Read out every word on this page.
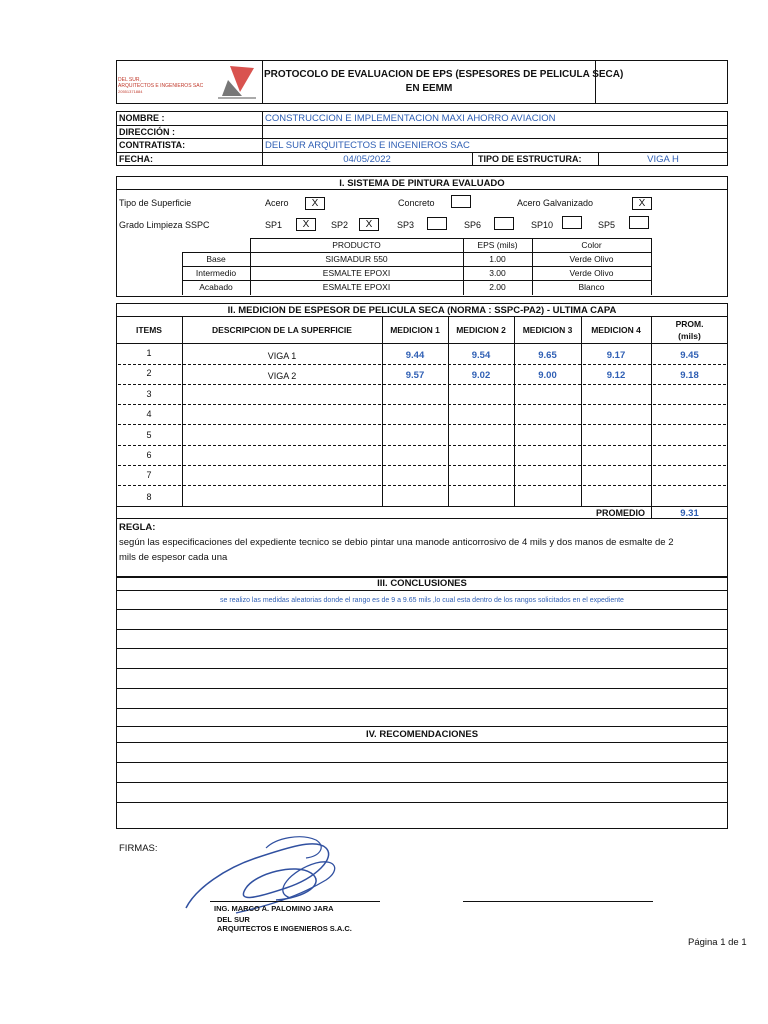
DEL SUR,
ARQUITECTOS E INGENIEROS SAC
20551371884
PROTOCOLO DE EVALUACION DE EPS (ESPESORES DE PELICULA SECA)
EN EEMM
NOMBRE :	CONSTRUCCION E IMPLEMENTACION MAXI AHORRO AVIACION
DIRECCIÓN :
CONTRATISTA:	DEL SUR ARQUITECTOS E INGENIEROS SAC
FECHA:	04/05/2022	TIPO DE ESTRUCTURA:	VIGA H
I. SISTEMA DE PINTURA EVALUADO
Tipo de Superficie	Acero	X	Concreto	Acero Galvanizado	X
Grado Limpieza SSPC	SP1	X	SP2	X	SP3	SP6	SP10	SP5
PRODUCTO	EPS (mils)	Color
Base	SIGMADUR 550	1.00	Verde Olivo
Intermedio	ESMALTE EPOXI	3.00	Verde Olivo
Acabado	ESMALTE EPOXI	2.00	Blanco
II. MEDICION DE ESPESOR DE PELICULA SECA (NORMA : SSPC-PA2) - ULTIMA CAPA
ITEMS	DESCRIPCION DE LA SUPERFICIE	MEDICION 1	MEDICION 2	MEDICION 3	MEDICION 4
PROM.
(mils)
1	VIGA 1	9.44	9.54	9.65	9.17	9.45
2	VIGA 2	9.57	9.02	9.00	9.12	9.18
3
4
5
6
7
8
PROMEDIO	9.31
REGLA:
según las especificaciones del expediente tecnico se debio pintar una manode anticorrosivo de 4 mils y dos manos de esmalte de 2
mils de espesor cada una
III. CONCLUSIONES
se realizo las medidas aleatorias donde el rango es de 9 a 9.65 mils ,lo cual esta dentro de los rangos solicitados en el expediente
IV. RECOMENDACIONES
FIRMAS:
ING. MARCO A. PALOMINO JARA
DEL SUR
ARQUITECTOS E INGENIEROS S.A.C.
Página 1 de 1
